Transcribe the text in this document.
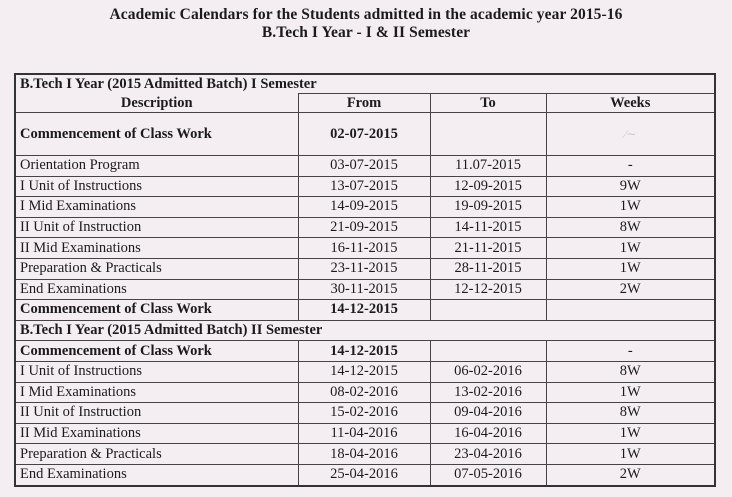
Academic Calendars for the Students admitted in the academic year 2015-16
B.Tech I Year - I & II Semester
B.Tech I Year (2015 Admitted Batch) I Semester			
Description	From	To	Weeks
Commencement of Class Work	02-07-2015		⁄∼
Orientation Program	03-07-2015	11.07-2015	-
I Unit of Instructions	13-07-2015	12-09-2015	9W
I Mid Examinations	14-09-2015	19-09-2015	1W
II Unit of Instruction	21-09-2015	14-11-2015	8W
II Mid Examinations	16-11-2015	21-11-2015	1W
Preparation & Practicals	23-11-2015	28-11-2015	1W
End Examinations	30-11-2015	12-12-2015	2W
Commencement of Class Work	14-12-2015		
B.Tech I Year (2015 Admitted Batch) II Semester			
Commencement of Class Work	14-12-2015		-
I Unit of Instructions	14-12-2015	06-02-2016	8W
I Mid Examinations	08-02-2016	13-02-2016	1W
II Unit of Instruction	15-02-2016	09-04-2016	8W
II Mid Examinations	11-04-2016	16-04-2016	1W
Preparation & Practicals	18-04-2016	23-04-2016	1W
End Examinations	25-04-2016	07-05-2016	2W
